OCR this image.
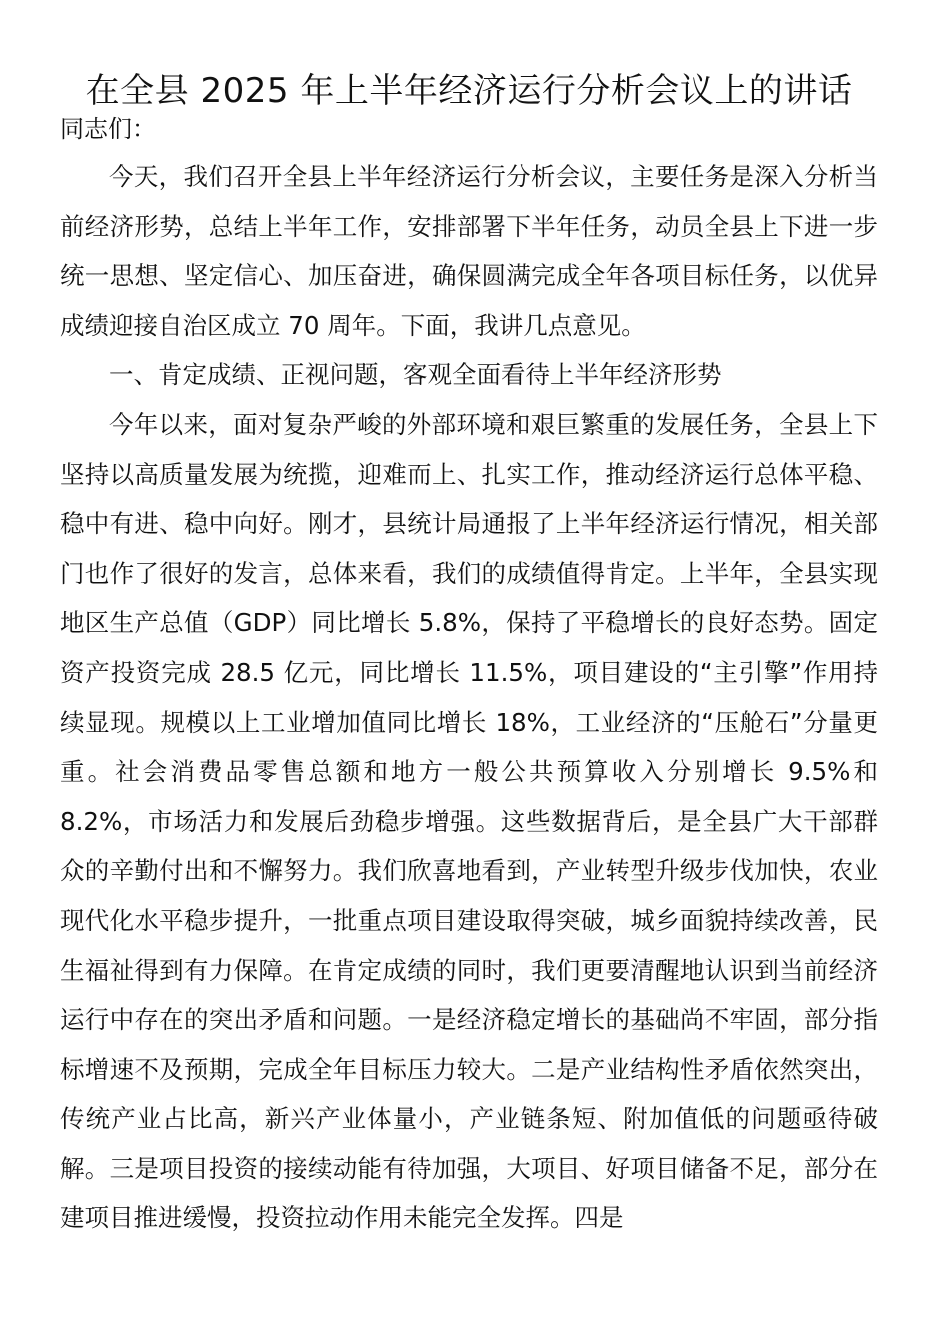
在全县 2025 年上半年经济运行分析会议上的讲话

同志们：

今天，我们召开全县上半年经济运行分析会议，主要任务是深入分析当前经济形势，总结上半年工作，安排部署下半年任务，动员全县上下进一步统一思想、坚定信心、加压奋进，确保圆满完成全年各项目标任务，以优异成绩迎接自治区成立 70 周年。下面，我讲几点意见。

一、肯定成绩、正视问题，客观全面看待上半年经济形势

今年以来，面对复杂严峻的外部环境和艰巨繁重的发展任务，全县上下坚持以高质量发展为统揽，迎难而上、扎实工作，推动经济运行总体平稳、稳中有进、稳中向好。刚才，县统计局通报了上半年经济运行情况，相关部门也作了很好的发言，总体来看，我们的成绩值得肯定。上半年，全县实现地区生产总值（GDP）同比增长 5.8%，保持了平稳增长的良好态势。固定资产投资完成 28.5 亿元，同比增长 11.5%，项目建设的“主引擎”作用持续显现。规模以上工业增加值同比增长 18%，工业经济的“压舱石”分量更重。社会消费品零售总额和地方一般公共预算收入分别增长 9.5%和 8.2%，市场活力和发展后劲稳步增强。这些数据背后，是全县广大干部群众的辛勤付出和不懈努力。我们欣喜地看到，产业转型升级步伐加快，农业现代化水平稳步提升，一批重点项目建设取得突破，城乡面貌持续改善，民生福祉得到有力保障。在肯定成绩的同时，我们更要清醒地认识到当前经济运行中存在的突出矛盾和问题。一是经济稳定增长的基础尚不牢固，部分指标增速不及预期，完成全年目标压力较大。二是产业结构性矛盾依然突出，传统产业占比高，新兴产业体量小，产业链条短、附加值低的问题亟待破解。三是项目投资的接续动能有待加强，大项目、好项目储备不足，部分在建项目推进缓慢，投资拉动作用未能完全发挥。四是
